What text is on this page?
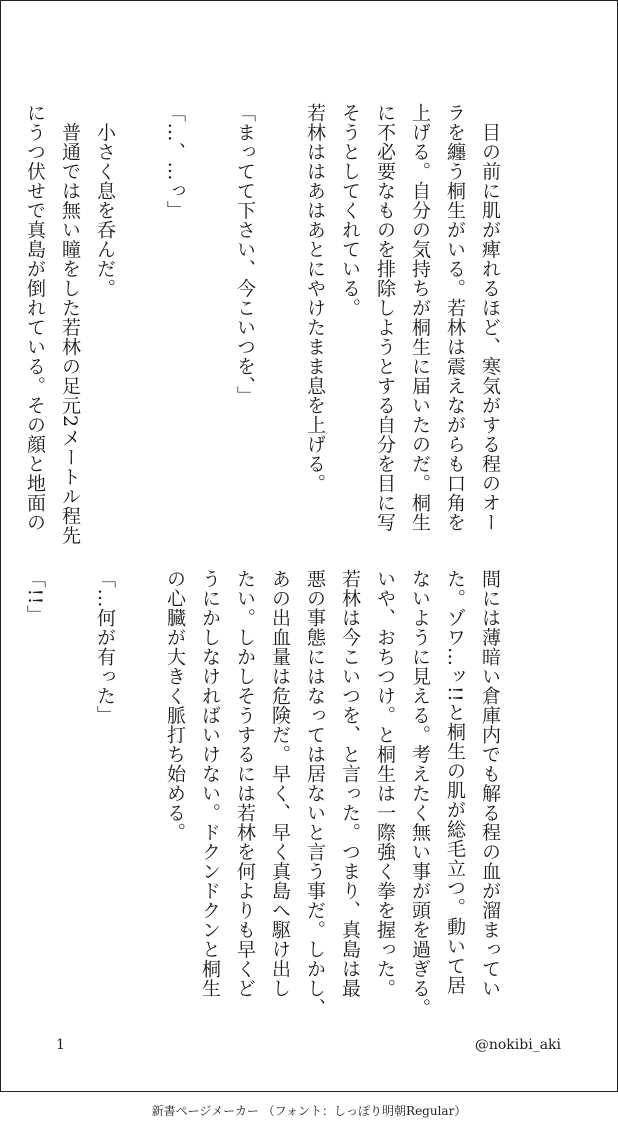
　目の前に肌が痺れるほど、寒気がする程のオー
ラを纏う桐生がいる。若林は震えながらも口角を
上げる。自分の気持ちが桐生に届いたのだ。桐生
に不必要なものを排除しようとする自分を目に写
そうとしてくれている。
若林ははあはあとにやけたまま息を上げる。

「まってて下さい、今こいつを、」

「…、…っ」

　小さく息を呑んだ。
　普通では無い瞳をした若林の足元2メートル程先
にうつ伏せで真島が倒れている。その顔と地面の
間には薄暗い倉庫内でも解る程の血が溜まってい
た。ゾワ…ッ!!と桐生の肌が総毛立つ。動いて居
ないように見える。考えたく無い事が頭を過ぎる。
いや、おちつけ。と桐生は一際強く拳を握った。
若林は今こいつを、と言った。つまり、真島は最
悪の事態にはなっては居ないと言う事だ。しかし、
あの出血量は危険だ。早く、早く真島へ駆け出し
たい。しかしそうするには若林を何よりも早くど
うにかしなければいけない。ドクンドクンと桐生
の心臓が大きく脈打ち始める。

「…何が有った」

「!!」

1	@nokibi_aki
新書ページメーカー （フォント：しっぽり明朝Regular）
